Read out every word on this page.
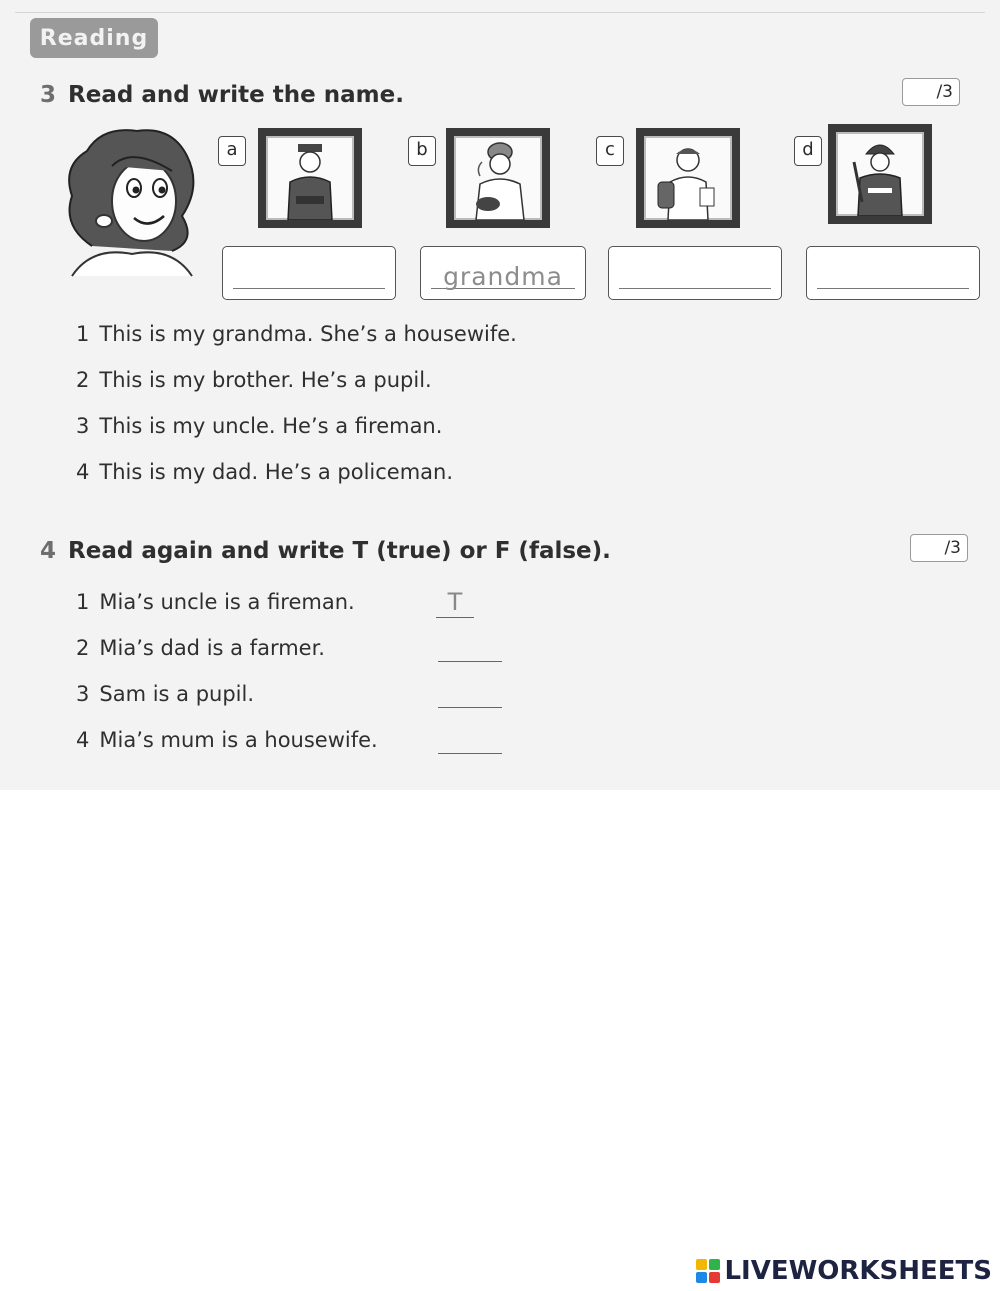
Reading
3 Read and write the name.	/3
a	b	c	d
grandma
1 This is my grandma. She’s a housewife.
2 This is my brother. He’s a pupil.
3 This is my uncle. He’s a fireman.
4 This is my dad. He’s a policeman.
4 Read again and write T (true) or F (false).	/3
1 Mia’s uncle is a fireman.	T
2 Mia’s dad is a farmer.
3 Sam is a pupil.
4 Mia’s mum is a housewife.
LIVEWORKSHEETS
